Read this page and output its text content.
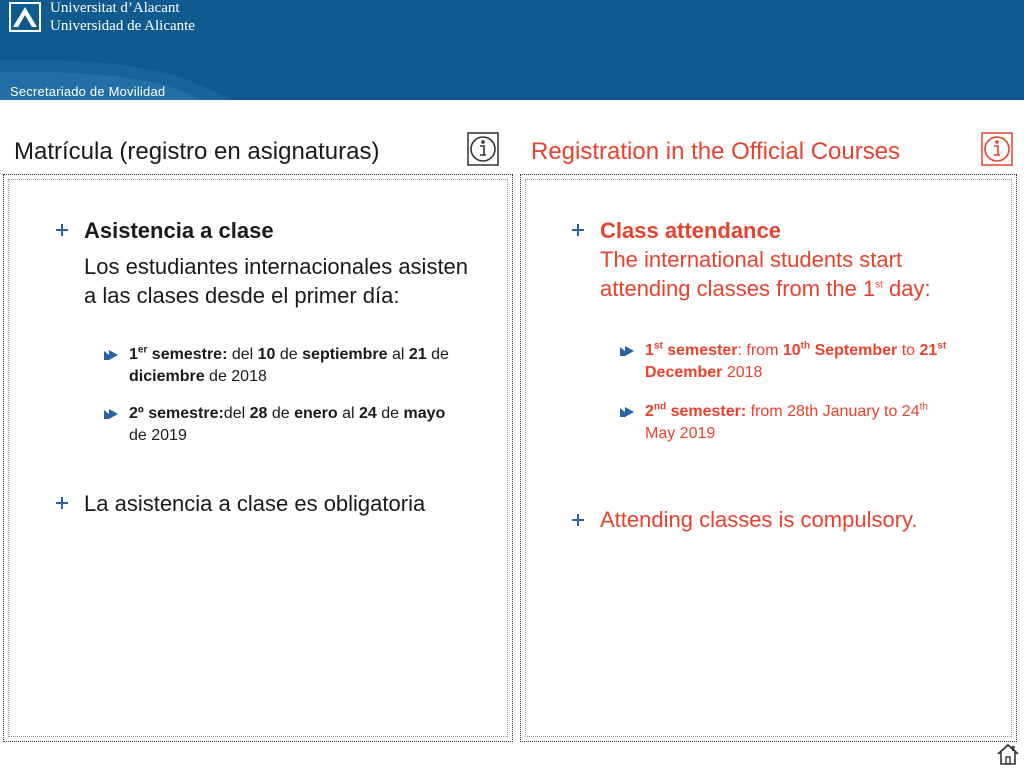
Universitat d’Alacant
Universidad de Alicante
Secretariado de Movilidad
Matrícula (registro en asignaturas)	Registration in the Official Courses
Asistencia a clase
Los estudiantes internacionales asisten a las clases desde el primer día:
1er semestre: del 10 de septiembre al 21 de
diciembre de 2018
2º semestre:del 28 de enero al 24 de mayo
de 2019
La asistencia a clase es obligatoria
Class attendance
The international students start
attending classes from the 1st day:
1st semester: from 10th September to 21st
December 2018
2nd semester: from 28th January to 24th
May 2019
Attending classes is compulsory.
